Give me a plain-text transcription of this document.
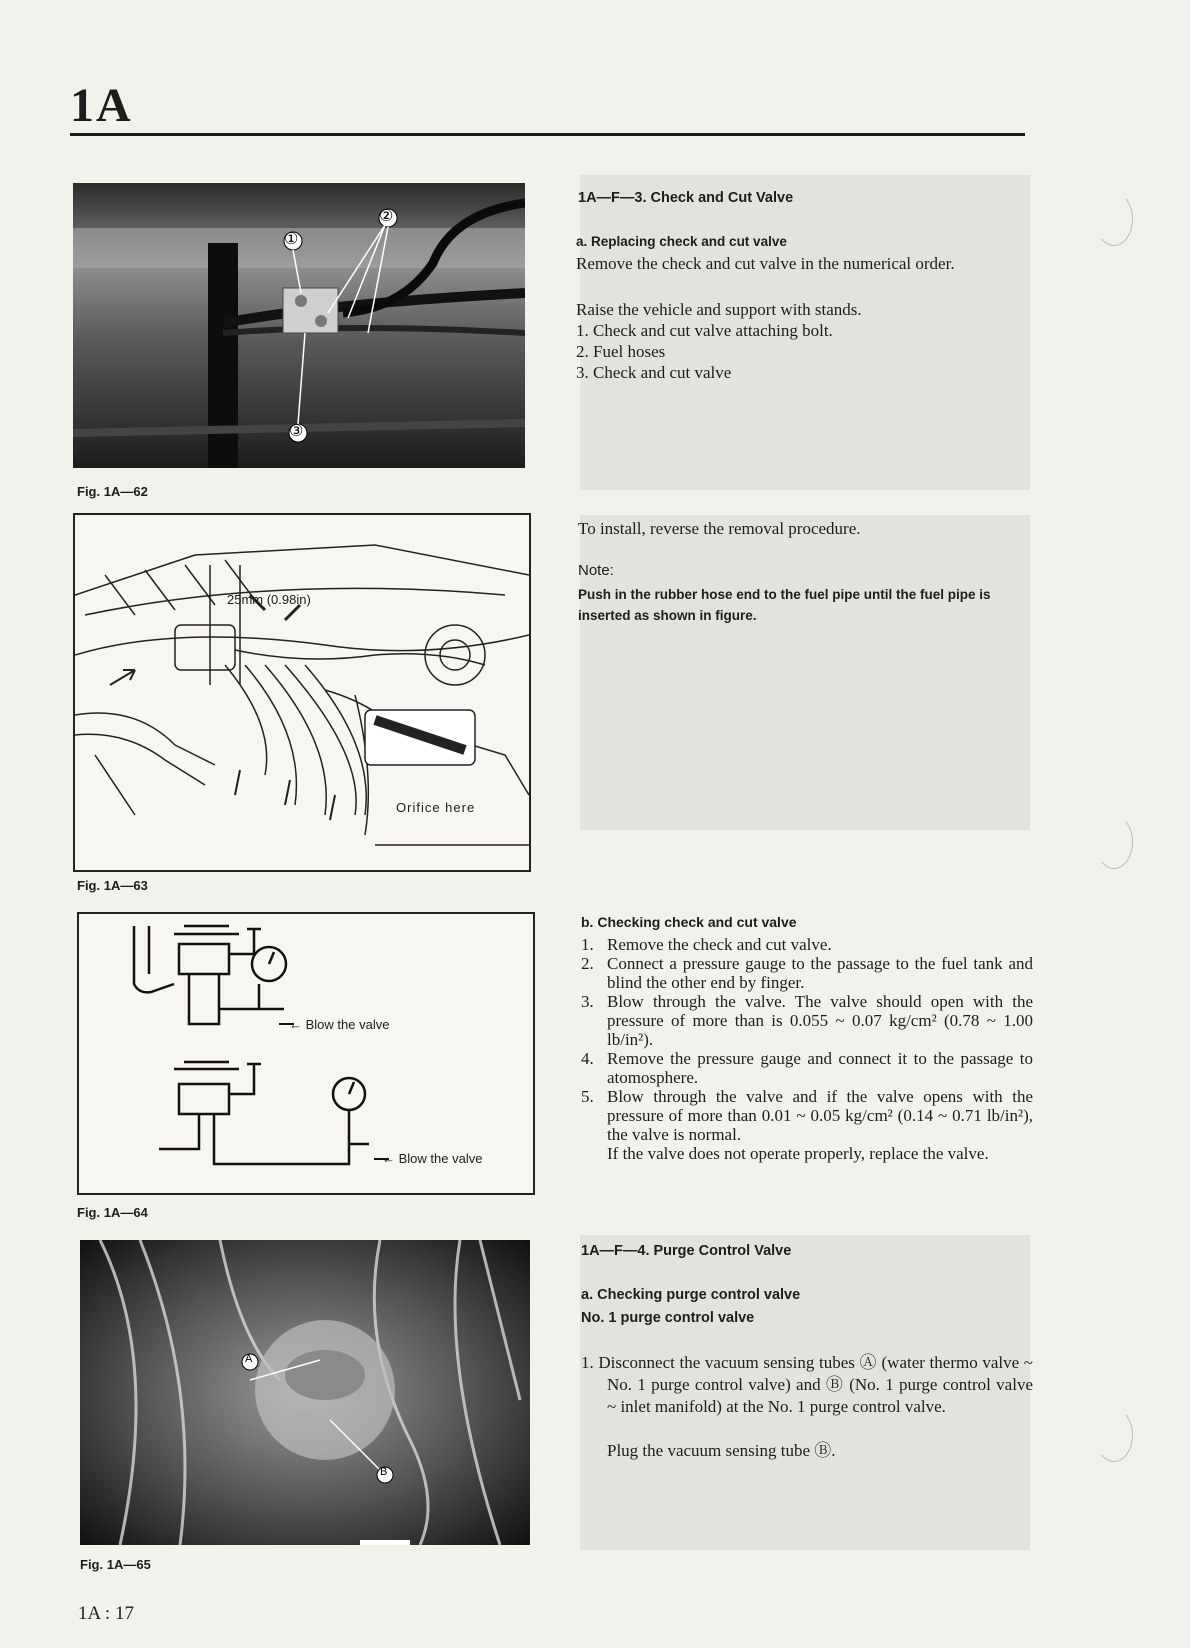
1A
①
②
③
Fig. 1A—62
25mm (0.98in)
Orifice here
Fig. 1A—63
← Blow the valve
← Blow the valve
Fig. 1A—64
A
B
Fig. 1A—65
1A—F—3. Check and Cut Valve
a. Replacing check and cut valve
Remove the check and cut valve in the numerical order.
Raise the vehicle and support with stands.
1. Check and cut valve attaching bolt.
2. Fuel hoses
3. Check and cut valve
To install, reverse the removal procedure.
Note:
Push in the rubber hose end to the fuel pipe until the fuel pipe is inserted as shown in figure.
b. Checking check and cut valve
1. Remove the check and cut valve.
2. Connect a pressure gauge to the passage to the fuel tank and blind the other end by finger.
3. Blow through the valve. The valve should open with the pressure of more than is 0.055 ~ 0.07 kg/cm² (0.78 ~ 1.00 lb/in²).
4. Remove the pressure gauge and connect it to the passage to atomosphere.
5. Blow through the valve and if the valve opens with the pressure of more than 0.01 ~ 0.05 kg/cm² (0.14 ~ 0.71 lb/in²), the valve is normal.
If the valve does not operate properly, replace the valve.
1A—F—4. Purge Control Valve
a. Checking purge control valve
No. 1 purge control valve
1. Disconnect the vacuum sensing tubes Ⓐ (water thermo valve ~ No. 1 purge control valve) and Ⓑ (No. 1 purge control valve ~ inlet manifold) at the No. 1 purge control valve.
Plug the vacuum sensing tube Ⓑ.
1A : 17
